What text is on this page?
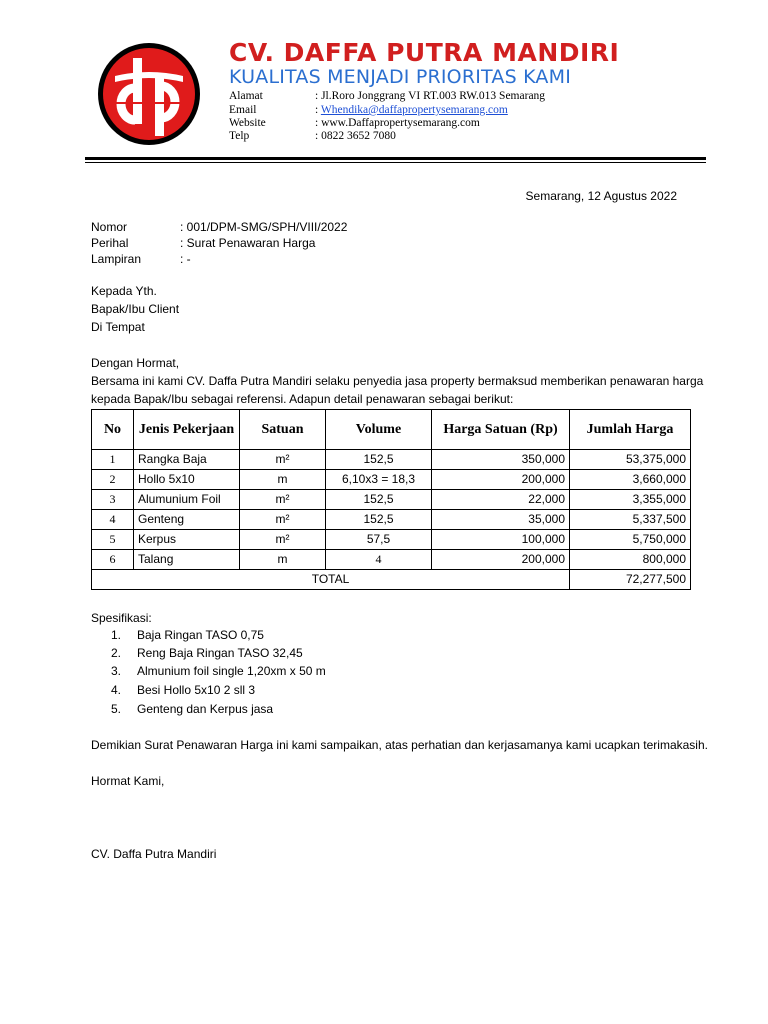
CV. DAFFA PUTRA MANDIRI
KUALITAS MENJADI PRIORITAS KAMI
Alamat	: Jl.Roro Jonggrang VI RT.003 RW.013 Semarang
Email	: Whendika@daffapropertysemarang.com
Website	: www.Daffapropertysemarang.com
Telp	: 0822 3652 7080
Semarang, 12 Agustus 2022
Nomor	: 001/DPM-SMG/SPH/VIII/2022
Perihal	: Surat Penawaran Harga
Lampiran	: -
Kepada Yth.
Bapak/Ibu Client
Di Tempat
Dengan Hormat,
Bersama ini kami CV. Daffa Putra Mandiri selaku penyedia jasa property bermaksud memberikan penawaran harga
kepada Bapak/Ibu sebagai referensi. Adapun detail penawaran sebagai berikut:
No	Jenis Pekerjaan	Satuan	Volume	Harga Satuan (Rp)	Jumlah Harga
1	Rangka Baja	m²	152,5	350,000	53,375,000
2	Hollo 5x10	m	6,10x3 = 18,3	200,000	3,660,000
3	Alumunium Foil	m²	152,5	22,000	3,355,000
4	Genteng	m²	152,5	35,000	5,337,500
5	Kerpus	m²	57,5	100,000	5,750,000
6	Talang	m	4	200,000	800,000
TOTAL					72,277,500
Spesifikasi:
1. Baja Ringan TASO 0,75
2. Reng Baja Ringan TASO 32,45
3. Almunium foil single 1,20xm x 50 m
4. Besi Hollo 5x10 2 sll 3
5. Genteng dan Kerpus jasa
Demikian Surat Penawaran Harga ini kami sampaikan, atas perhatian dan kerjasamanya kami ucapkan terimakasih.
Hormat Kami,
CV. Daffa Putra Mandiri
